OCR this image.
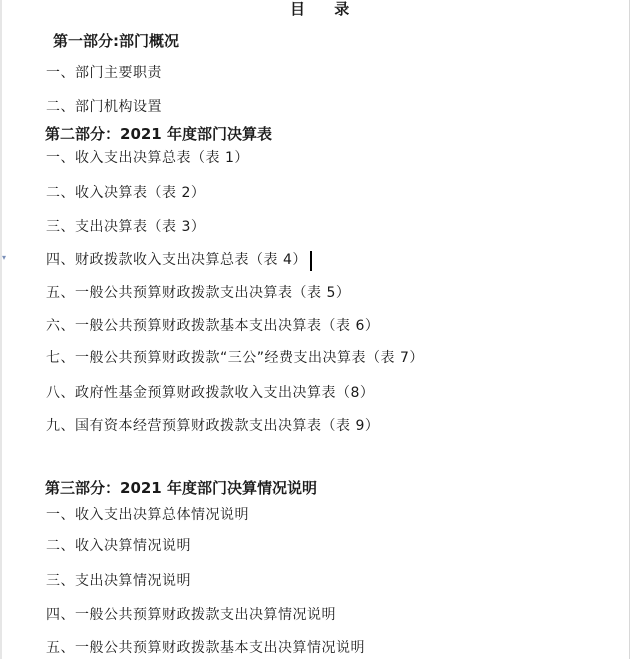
▾
目 录
第一部分:部门概况
一、部门主要职责
二、部门机构设置
第二部分：2021 年度部门决算表
一、收入支出决算总表（表 1）
二、收入决算表（表 2）
三、支出决算表（表 3）
四、财政拨款收入支出决算总表（表 4）
五、一般公共预算财政拨款支出决算表（表 5）
六、一般公共预算财政拨款基本支出决算表（表 6）
七、一般公共预算财政拨款“三公”经费支出决算表（表 7）
八、政府性基金预算财政拨款收入支出决算表（8）
九、国有资本经营预算财政拨款支出决算表（表 9）
第三部分：2021 年度部门决算情况说明
一、收入支出决算总体情况说明
二、收入决算情况说明
三、支出决算情况说明
四、一般公共预算财政拨款支出决算情况说明
五、一般公共预算财政拨款基本支出决算情况说明
